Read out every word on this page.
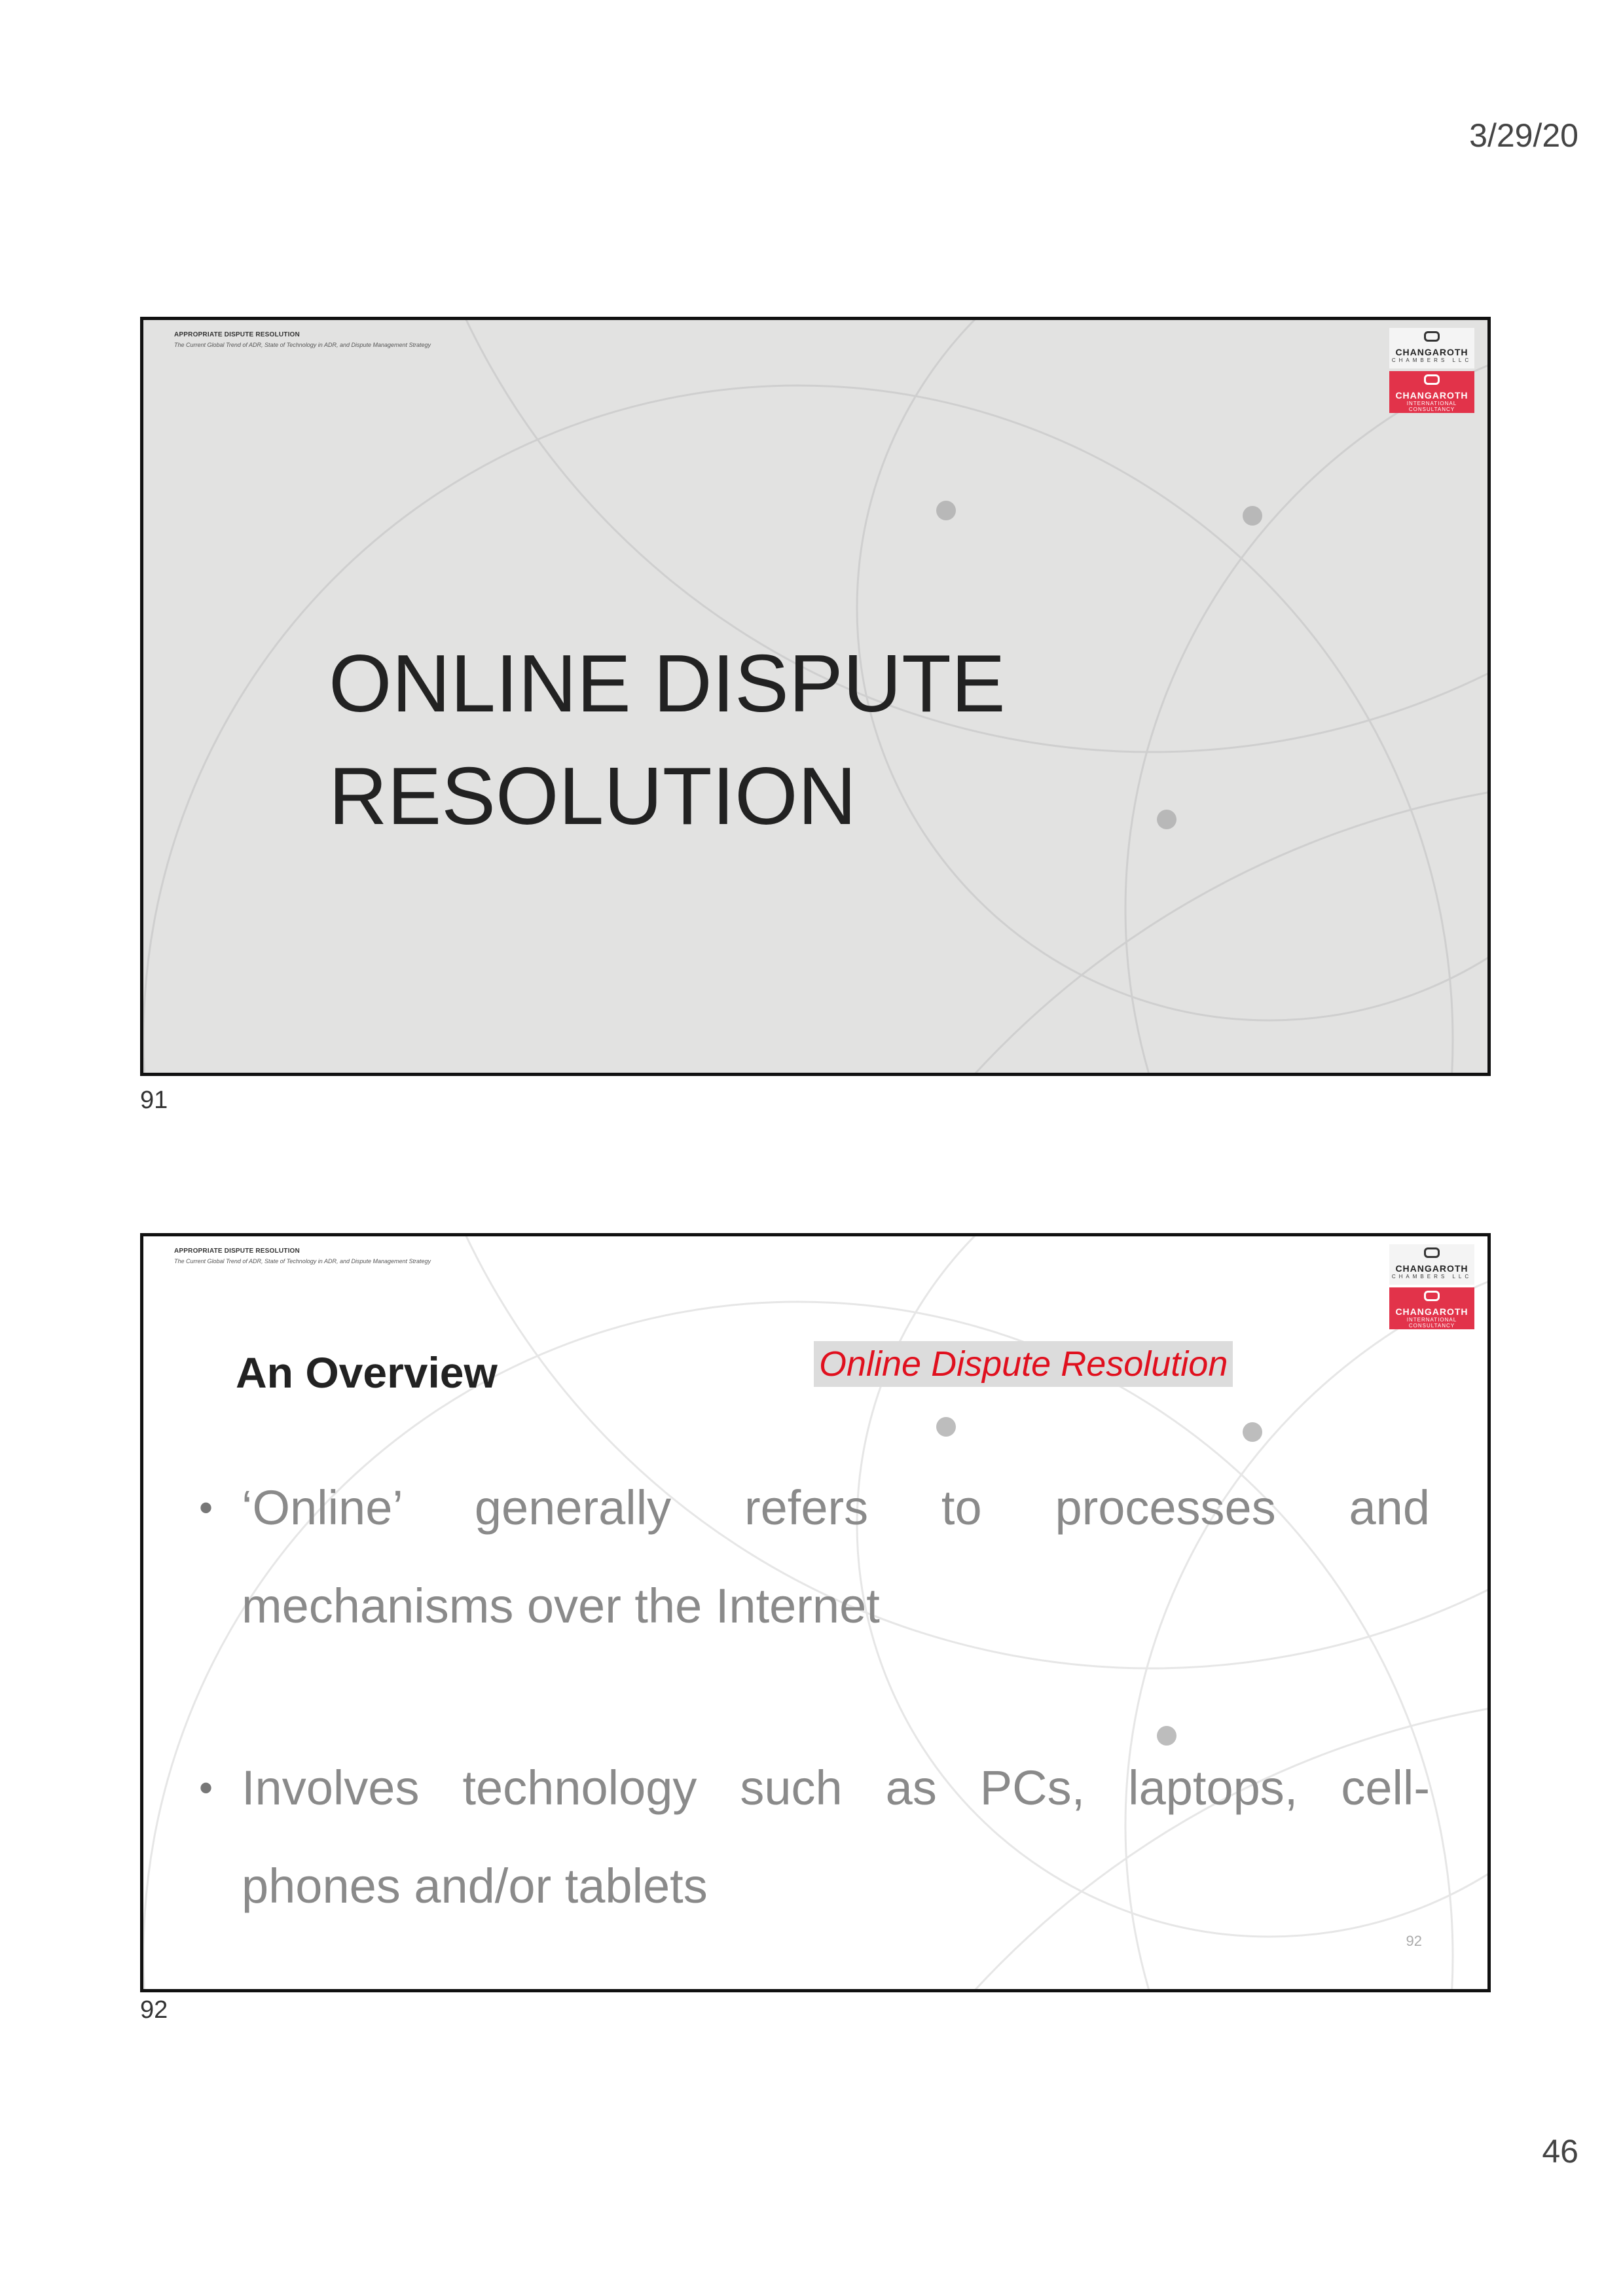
3/29/20
APPROPRIATE DISPUTE RESOLUTION
The Current Global Trend of ADR, State of Technology in ADR, and Dispute Management Strategy
CHANGAROTH
CHAMBERS LLC
CHANGAROTH
INTERNATIONAL CONSULTANCY
ONLINE DISPUTE
RESOLUTION
91
APPROPRIATE DISPUTE RESOLUTION
The Current Global Trend of ADR, State of Technology in ADR, and Dispute Management Strategy
CHANGAROTH
CHAMBERS LLC
CHANGAROTH
INTERNATIONAL CONSULTANCY
An Overview	Online Dispute Resolution
• ‘Online’ generally refers to processes and
mechanisms over the Internet
• Involves technology such as PCs, laptops, cell-
phones and/or tablets
92
92
46
